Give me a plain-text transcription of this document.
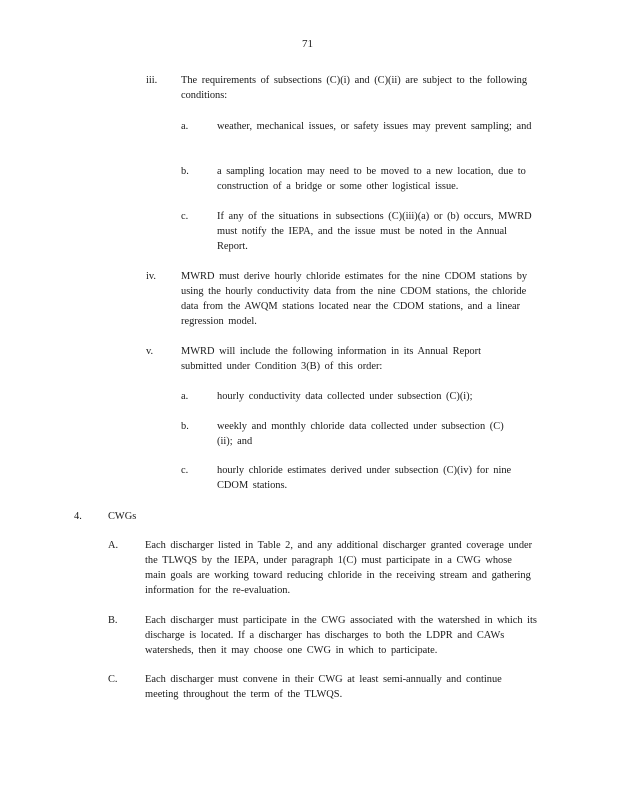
71
iii. The requirements of subsections (C)(i) and (C)(ii) are subject to the following conditions:
a.	weather, mechanical issues, or safety issues may prevent sampling; and
b.	a sampling location may need to be moved to a new location, due to construction of a bridge or some other logistical issue.
c.	If any of the situations in subsections (C)(iii)(a) or (b) occurs, MWRD must notify the IEPA, and the issue must be noted in the Annual Report.
iv. MWRD must derive hourly chloride estimates for the nine CDOM stations by using the hourly conductivity data from the nine CDOM stations, the chloride data from the AWQM stations located near the CDOM stations, and a linear regression model.
v.	MWRD will include the following information in its Annual Report submitted under Condition 3(B) of this order:
a.	hourly conductivity data collected under subsection (C)(i);
b.	weekly and monthly chloride data collected under subsection (C)(ii); and
c.	hourly chloride estimates derived under subsection (C)(iv) for nine CDOM stations.
4.	CWGs
A.	Each discharger listed in Table 2, and any additional discharger granted coverage under the TLWQS by the IEPA, under paragraph 1(C) must participate in a CWG whose main goals are working toward reducing chloride in the receiving stream and gathering information for the re-evaluation.
B.	Each discharger must participate in the CWG associated with the watershed in which its discharge is located. If a discharger has discharges to both the LDPR and CAWs watersheds, then it may choose one CWG in which to participate.
C.	Each discharger must convene in their CWG at least semi-annually and continue meeting throughout the term of the TLWQS.
